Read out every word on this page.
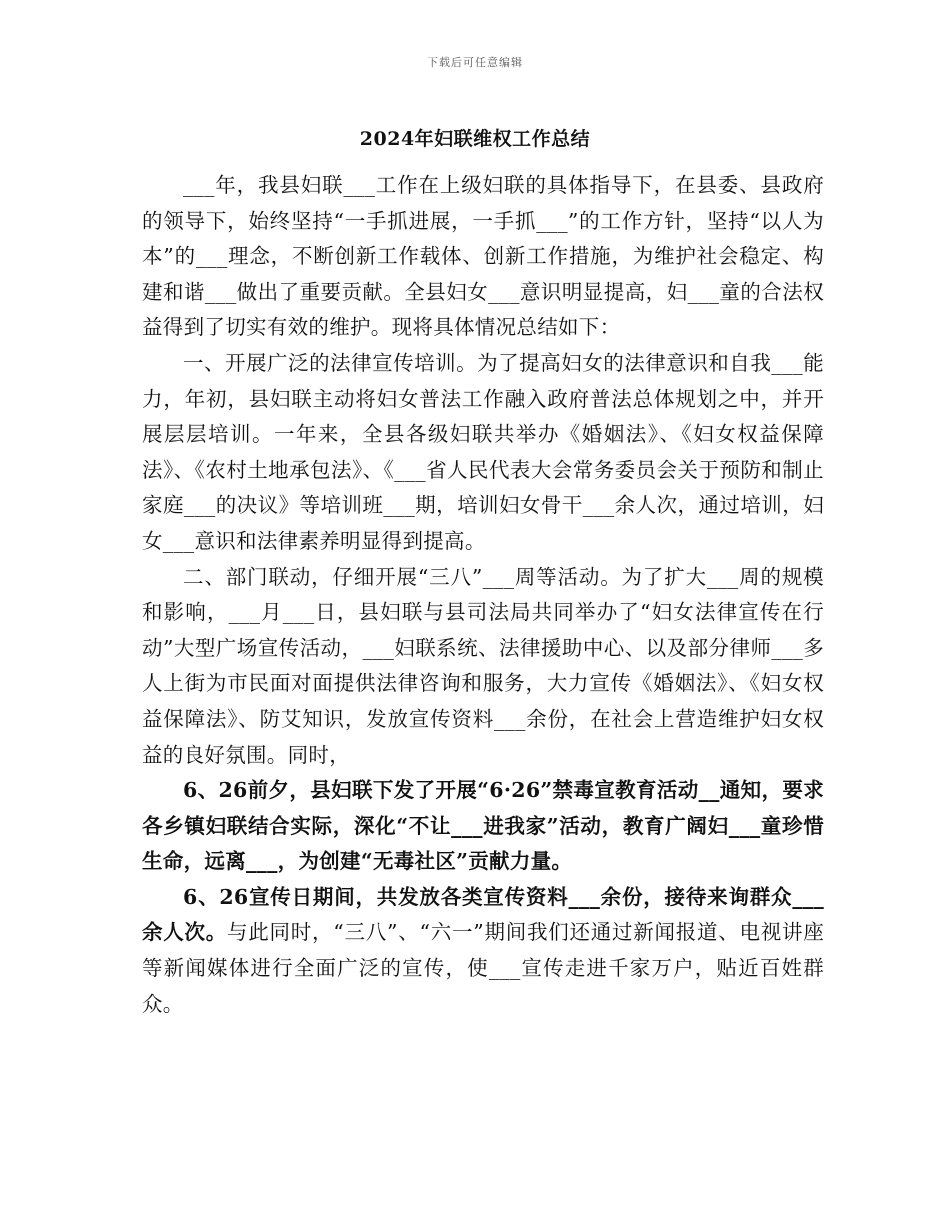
下载后可任意编辑
2024年妇联维权工作总结

___年，我县妇联___工作在上级妇联的具体指导下，在县委、县政府的领导下，始终坚持“一手抓进展，一手抓___”的工作方针，坚持“以人为本”的___理念，不断创新工作载体、创新工作措施，为维护社会稳定、构建和谐___做出了重要贡献。全县妇女___意识明显提高，妇___童的合法权益得到了切实有效的维护。现将具体情况总结如下：

一、开展广泛的法律宣传培训。为了提高妇女的法律意识和自我___能力，年初，县妇联主动将妇女普法工作融入政府普法总体规划之中，并开展层层培训。一年来，全县各级妇联共举办《婚姻法》、《妇女权益保障法》、《农村土地承包法》、《___省人民代表大会常务委员会关于预防和制止家庭___的决议》等培训班___期，培训妇女骨干___余人次，通过培训，妇女___意识和法律素养明显得到提高。

二、部门联动，仔细开展“三八”___周等活动。为了扩大___周的规模和影响，___月___日，县妇联与县司法局共同举办了“妇女法律宣传在行动”大型广场宣传活动，___妇联系统、法律援助中心、以及部分律师___多人上街为市民面对面提供法律咨询和服务，大力宣传《婚姻法》、《妇女权益保障法》、防艾知识，发放宣传资料___余份，在社会上营造维护妇女权益的良好氛围。同时，

6、26前夕，县妇联下发了开展“6·26”禁毒宣教育活动__通知，要求各乡镇妇联结合实际，深化“不让___进我家”活动，教育广阔妇___童珍惜生命，远离___，为创建“无毒社区”贡献力量。

6、26宣传日期间，共发放各类宣传资料___余份，接待来询群众___余人次。与此同时，“三八”、“六一”期间我们还通过新闻报道、电视讲座等新闻媒体进行全面广泛的宣传，使___宣传走进千家万户，贴近百姓群众。
